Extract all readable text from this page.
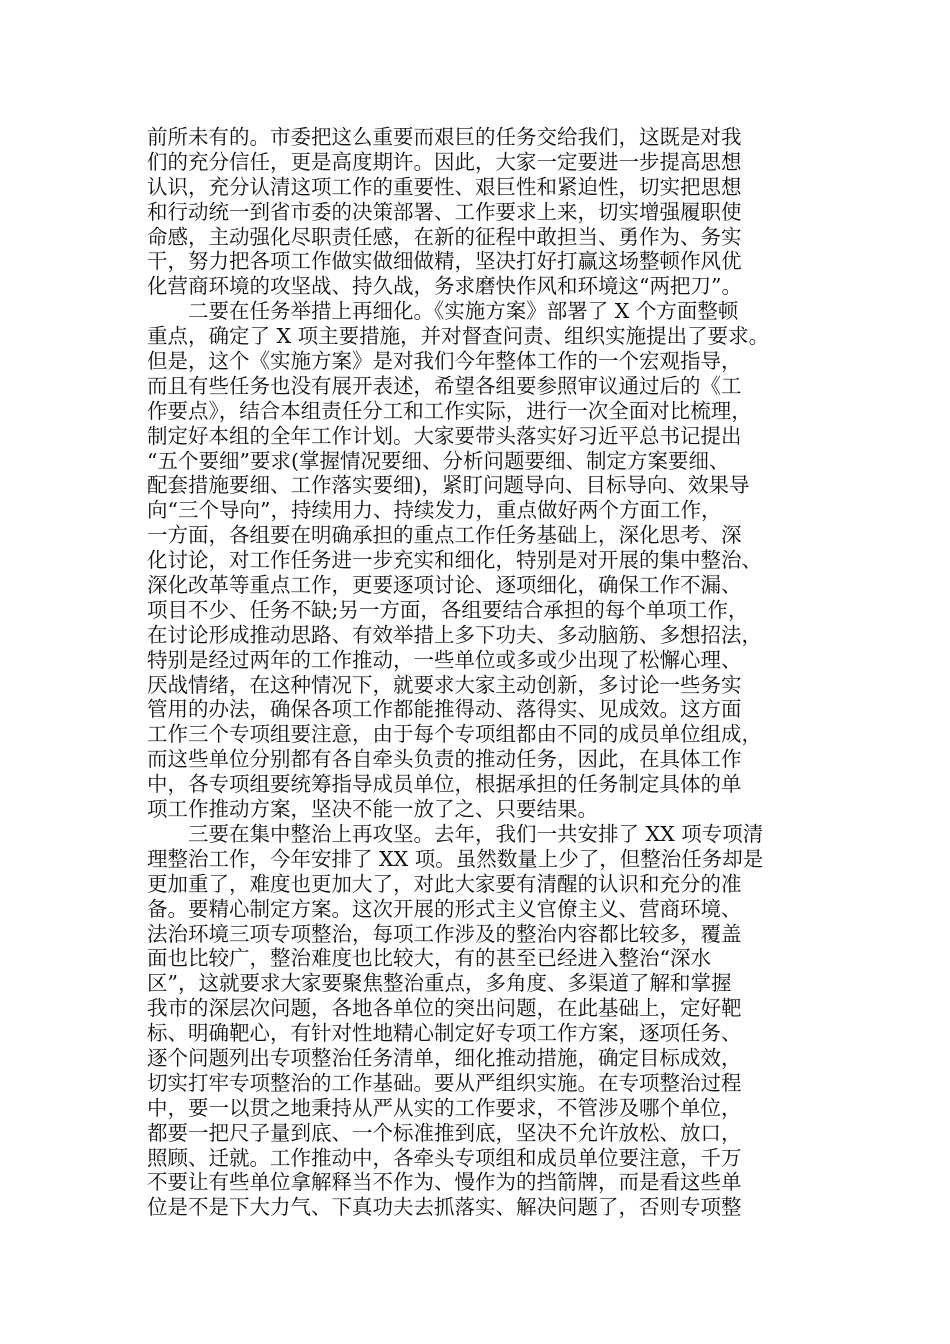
前所未有的。市委把这么重要而艰巨的任务交给我们，这既是对我
们的充分信任，更是高度期许。因此，大家一定要进一步提高思想
认识，充分认清这项工作的重要性、艰巨性和紧迫性，切实把思想
和行动统一到省市委的决策部署、工作要求上来，切实增强履职使
命感，主动强化尽职责任感，在新的征程中敢担当、勇作为、务实
干，努力把各项工作做实做细做精，坚决打好打赢这场整顿作风优
化营商环境的攻坚战、持久战，务求磨快作风和环境这“两把刀”。
二要在任务举措上再细化。《实施方案》部署了 X 个方面整顿
重点，确定了 X 项主要措施，并对督查问责、组织实施提出了要求。
但是，这个《实施方案》是对我们今年整体工作的一个宏观指导，
而且有些任务也没有展开表述，希望各组要参照审议通过后的《工
作要点》，结合本组责任分工和工作实际，进行一次全面对比梳理，
制定好本组的全年工作计划。大家要带头落实好习近平总书记提出
“五个要细”要求(掌握情况要细、分析问题要细、制定方案要细、
配套措施要细、工作落实要细)，紧盯问题导向、目标导向、效果导
向“三个导向”，持续用力、持续发力，重点做好两个方面工作，
一方面，各组要在明确承担的重点工作任务基础上，深化思考、深
化讨论，对工作任务进一步充实和细化，特别是对开展的集中整治、
深化改革等重点工作，更要逐项讨论、逐项细化，确保工作不漏、
项目不少、任务不缺;另一方面，各组要结合承担的每个单项工作，
在讨论形成推动思路、有效举措上多下功夫、多动脑筋、多想招法，
特别是经过两年的工作推动，一些单位或多或少出现了松懈心理、
厌战情绪，在这种情况下，就要求大家主动创新，多讨论一些务实
管用的办法，确保各项工作都能推得动、落得实、见成效。这方面
工作三个专项组要注意，由于每个专项组都由不同的成员单位组成，
而这些单位分别都有各自牵头负责的推动任务，因此，在具体工作
中，各专项组要统筹指导成员单位，根据承担的任务制定具体的单
项工作推动方案，坚决不能一放了之、只要结果。
三要在集中整治上再攻坚。去年，我们一共安排了 XX 项专项清
理整治工作，今年安排了 XX 项。虽然数量上少了，但整治任务却是
更加重了，难度也更加大了，对此大家要有清醒的认识和充分的准
备。要精心制定方案。这次开展的形式主义官僚主义、营商环境、
法治环境三项专项整治，每项工作涉及的整治内容都比较多，覆盖
面也比较广，整治难度也比较大，有的甚至已经进入整治“深水
区”，这就要求大家要聚焦整治重点，多角度、多渠道了解和掌握
我市的深层次问题，各地各单位的突出问题，在此基础上，定好靶
标、明确靶心，有针对性地精心制定好专项工作方案，逐项任务、
逐个问题列出专项整治任务清单，细化推动措施，确定目标成效，
切实打牢专项整治的工作基础。要从严组织实施。在专项整治过程
中，要一以贯之地秉持从严从实的工作要求，不管涉及哪个单位，
都要一把尺子量到底、一个标准推到底，坚决不允许放松、放口，
照顾、迁就。工作推动中，各牵头专项组和成员单位要注意，千万
不要让有些单位拿解释当不作为、慢作为的挡箭牌，而是看这些单
位是不是下大力气、下真功夫去抓落实、解决问题了，否则专项整
